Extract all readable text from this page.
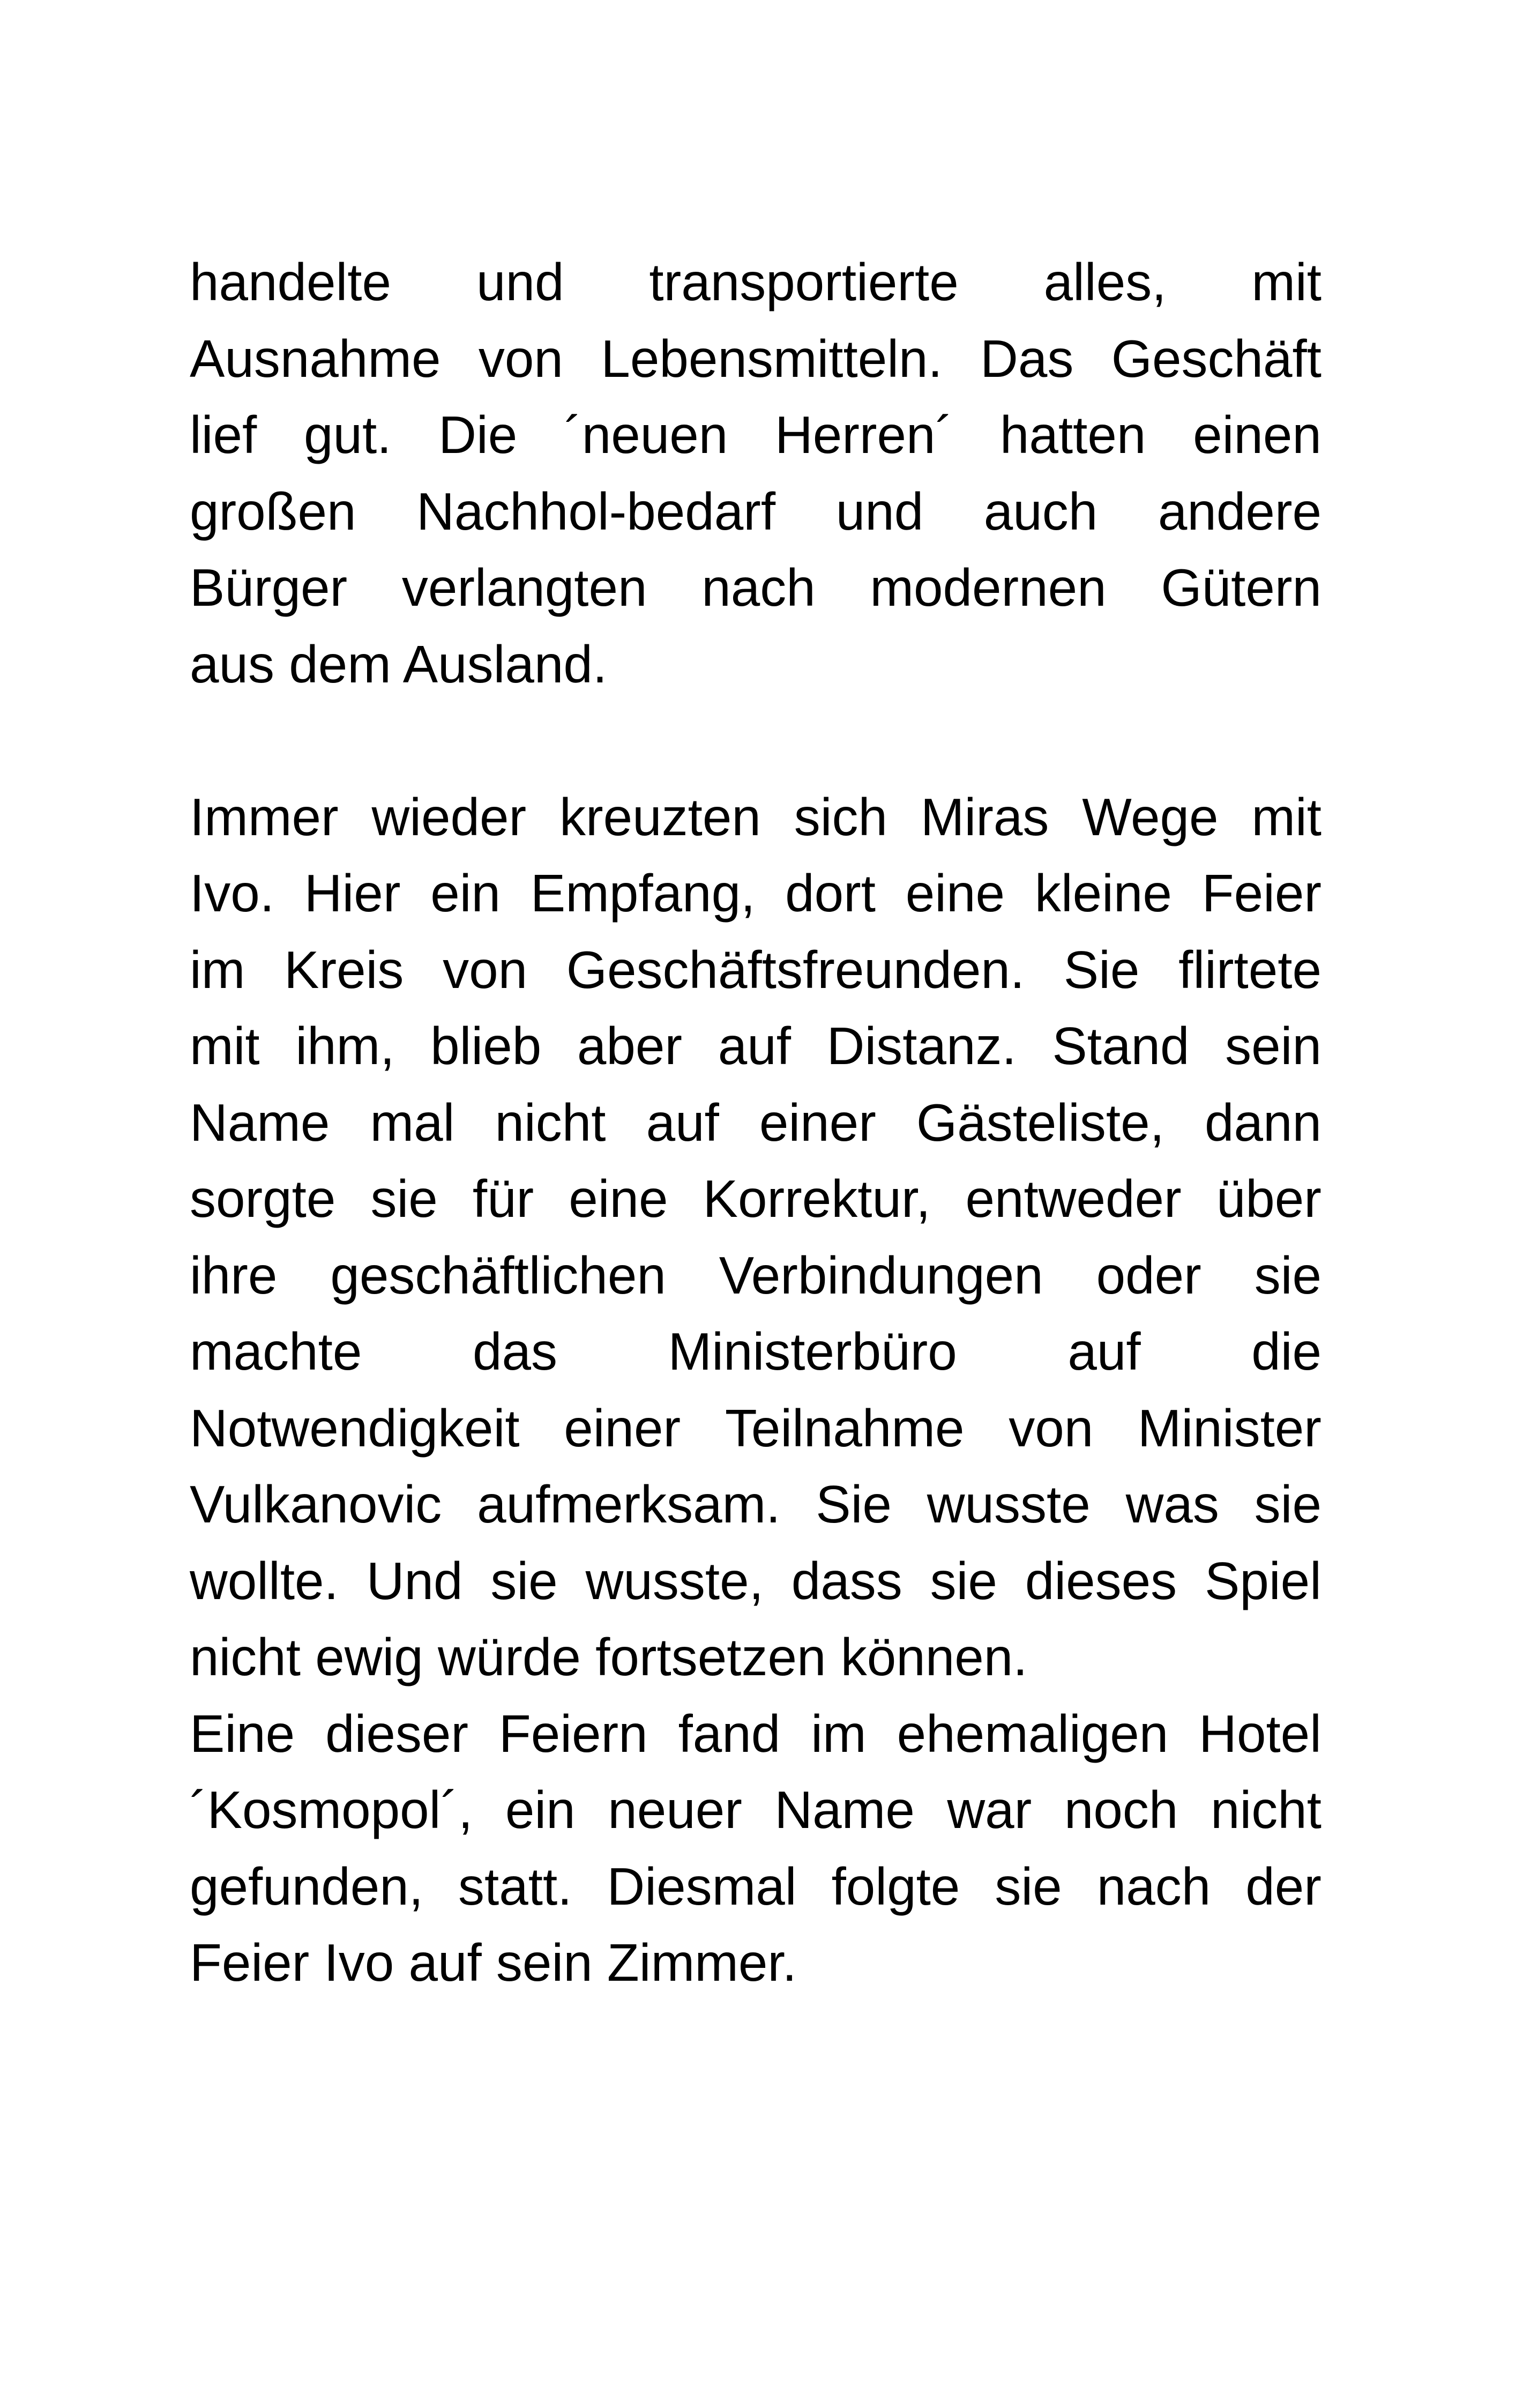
handelte und transportierte alles, mit
Ausnahme von Lebensmitteln. Das Geschäft
lief gut. Die ´neuen Herren´ hatten einen
großen Nachhol-bedarf und auch andere
Bürger verlangten nach modernen Gütern
aus dem Ausland.
Immer wieder kreuzten sich Miras Wege mit
Ivo. Hier ein Empfang, dort eine kleine Feier
im Kreis von Geschäftsfreunden. Sie flirtete
mit ihm, blieb aber auf Distanz. Stand sein
Name mal nicht auf einer Gästeliste, dann
sorgte sie für eine Korrektur, entweder über
ihre geschäftlichen Verbindungen oder sie
machte das Ministerbüro auf die
Notwendigkeit einer Teilnahme von Minister
Vulkanovic aufmerksam. Sie wusste was sie
wollte. Und sie wusste, dass sie dieses Spiel
nicht ewig würde fortsetzen können.
Eine dieser Feiern fand im ehemaligen Hotel
´Kosmopol´, ein neuer Name war noch nicht
gefunden, statt. Diesmal folgte sie nach der
Feier Ivo auf sein Zimmer.
